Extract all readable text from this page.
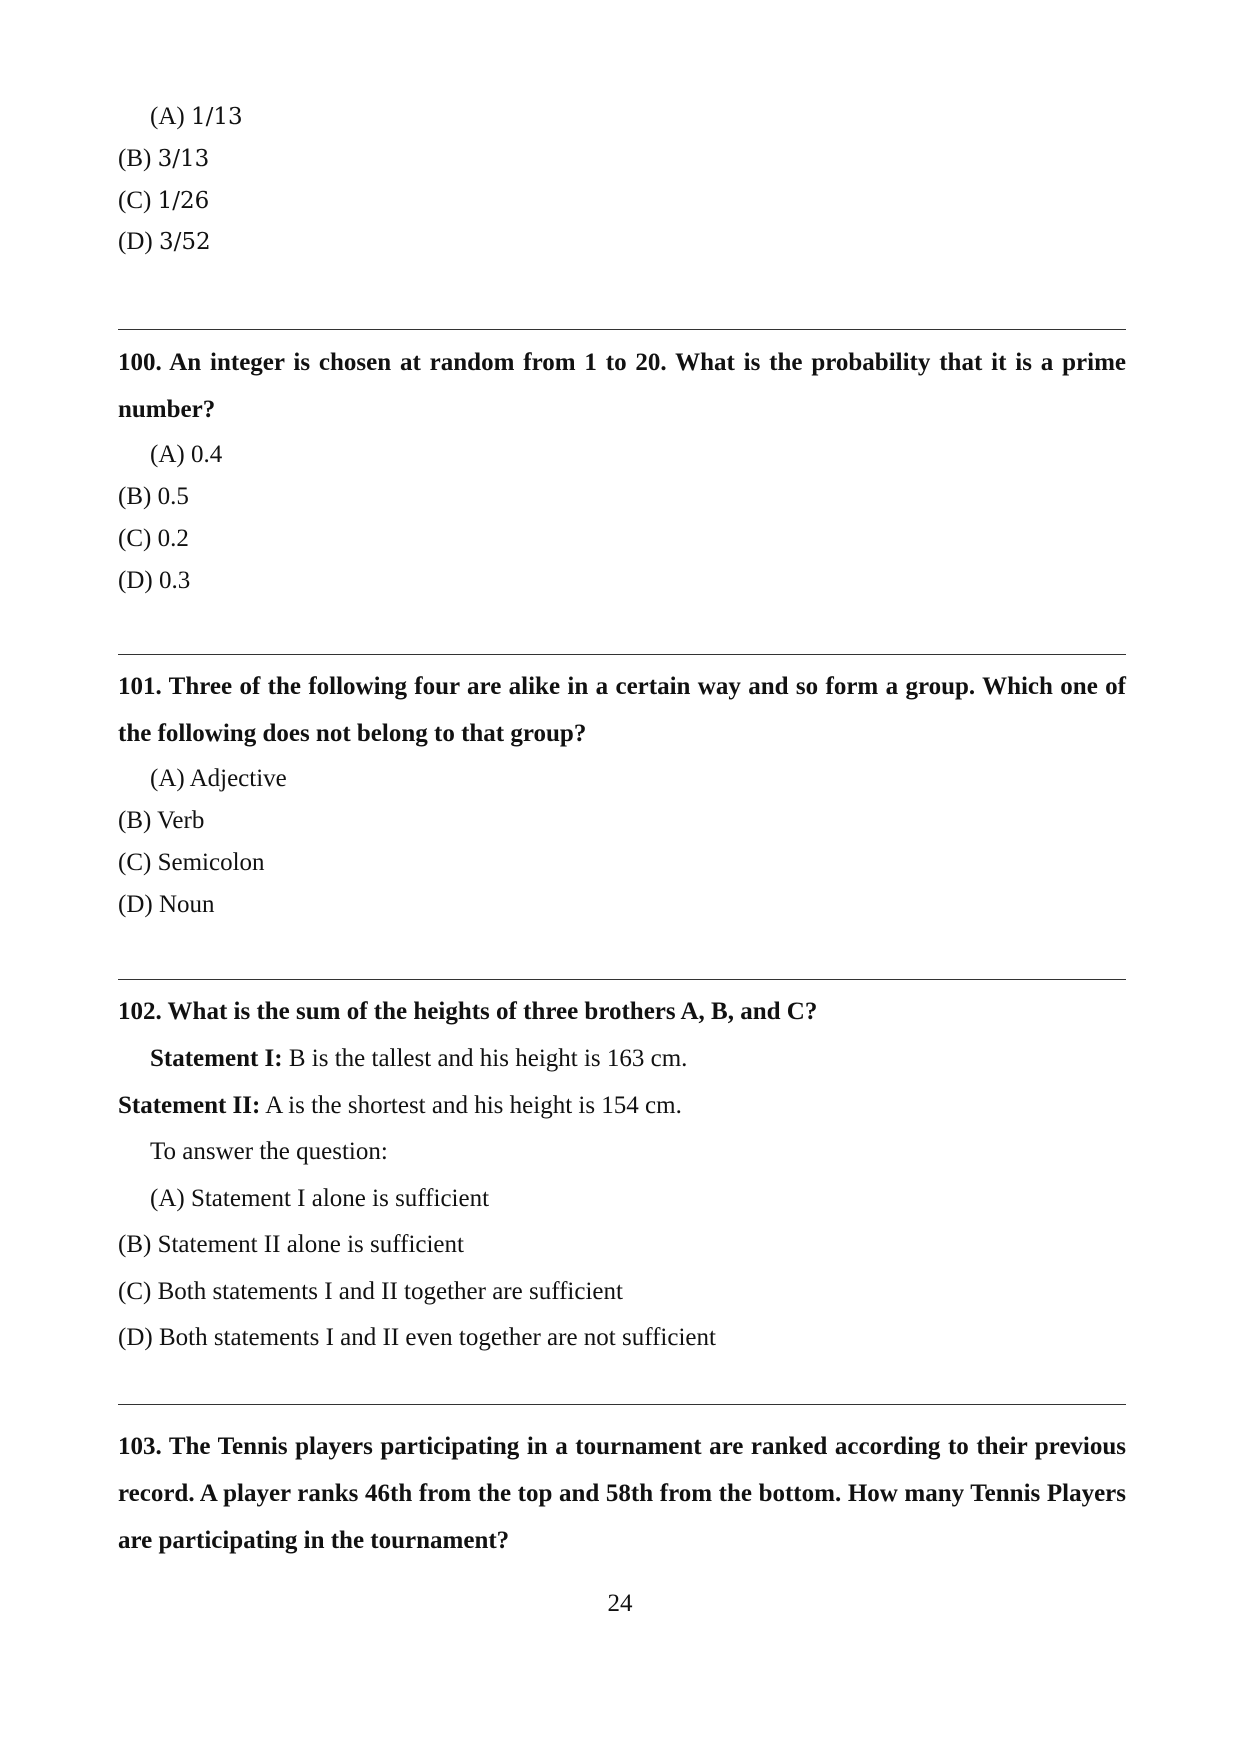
(A) 1/13
(B) 3/13
(C) 1/26
(D) 3/52
100. An integer is chosen at random from 1 to 20. What is the probability that it is a prime number?
(A) 0.4
(B) 0.5
(C) 0.2
(D) 0.3
101. Three of the following four are alike in a certain way and so form a group. Which one of the following does not belong to that group?
(A) Adjective
(B) Verb
(C) Semicolon
(D) Noun
102. What is the sum of the heights of three brothers A, B, and C?
Statement I: B is the tallest and his height is 163 cm.
Statement II: A is the shortest and his height is 154 cm.
To answer the question:
(A) Statement I alone is sufficient
(B) Statement II alone is sufficient
(C) Both statements I and II together are sufficient
(D) Both statements I and II even together are not sufficient
103. The Tennis players participating in a tournament are ranked according to their previous record. A player ranks 46th from the top and 58th from the bottom. How many Tennis Players are participating in the tournament?
24
